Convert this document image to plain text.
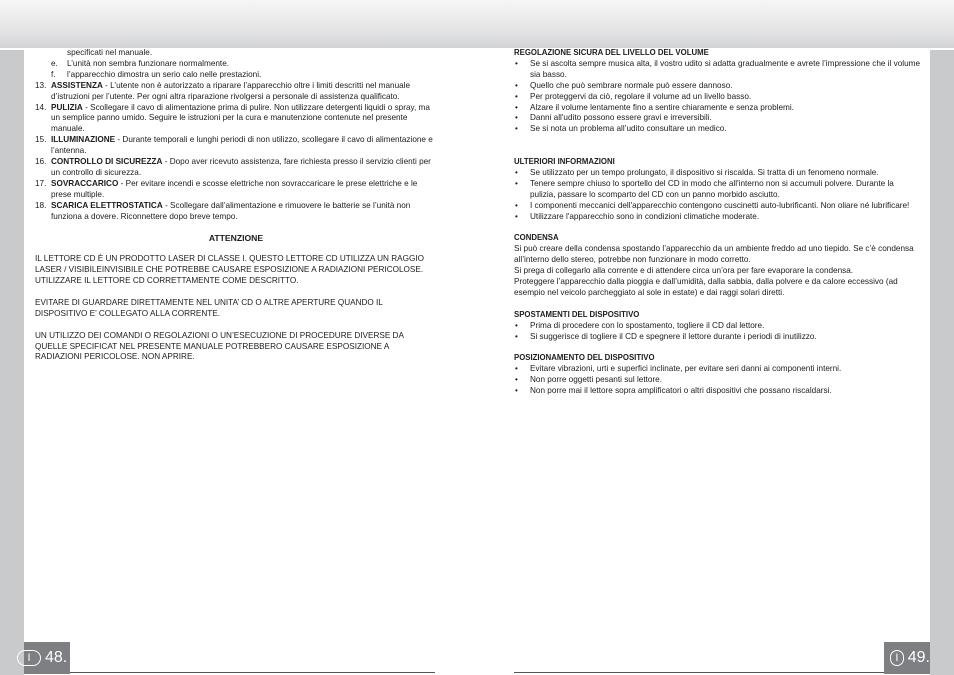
specificati nel manuale.
e. L’unità non sembra funzionare normalmente.
f. l’apparecchio dimostra un serio calo nelle prestazioni.
13. ASSISTENZA - L’utente non è autorizzato a riparare l’apparecchio oltre i limiti descritti nel manuale d’istruzioni per l’utente. Per ogni altra riparazione rivolgersi a personale di assistenza qualificato.
14. PULIZIA - Scollegare il cavo di alimentazione prima di pulire. Non utilizzare detergenti liquidi o spray, ma un semplice panno umido. Seguire le istruzioni per la cura e manutenzione contenute nel presente manuale.
15. ILLUMINAZIONE - Durante temporali e lunghi periodi di non utilizzo, scollegare il cavo di alimentazione e l’antenna.
16. CONTROLLO DI SICUREZZA - Dopo aver ricevuto assistenza, fare richiesta presso il servizio clienti per un controllo di sicurezza.
17. SOVRACCARICO - Per evitare incendi e scosse elettriche non sovraccaricare le prese elettriche e le prese multiple.
18. SCARICA ELETTROSTATICA - Scollegare dall’alimentazione e rimuovere le batterie se l’unità non funziona a dovere. Riconnettere dopo breve tempo.
ATTENZIONE

IL LETTORE CD È UN PRODOTTO LASER DI CLASSE I. QUESTO LETTORE CD UTILIZZA UN RAGGIO LASER / VISIBILEINVISIBILE CHE POTREBBE CAUSARE ESPOSIZIONE A RADIAZIONI PERICOLOSE. UTILIZZARE IL LETTORE CD CORRETTAMENTE COME DESCRITTO.

EVITARE DI GUARDARE DIRETTAMENTE NEL UNITA’ CD O ALTRE APERTURE QUANDO IL DISPOSITIVO E’ COLLEGATO ALLA CORRENTE.

UN UTILIZZO DEI COMANDI O REGOLAZIONI O UN’ESECUZIONE DI PROCEDURE DIVERSE DA QUELLE SPECIFICAT NEL PRESENTE MANUALE POTREBBERO CAUSARE ESPOSIZIONE A RADIAZIONI PERICOLOSE. NON APRIRE.

REGOLAZIONE SICURA DEL LIVELLO DEL VOLUME
• Se si ascolta sempre musica alta, il vostro udito si adatta gradualmente e avrete l’impressione che il volume sia basso.
• Quello che può sembrare normale può essere dannoso.
• Per proteggervi da ciò, regolare il volume ad un livello basso.
• Alzare il volume lentamente fino a sentire chiaramente e senza problemi.
• Danni all'udito possono essere gravi e irreversibili.
• Se si nota un problema all’udito consultare un medico.
ULTERIORI INFORMAZIONI
• Se utilizzato per un tempo prolungato, il dispositivo si riscalda. Si tratta di un fenomeno normale.
• Tenere sempre chiuso lo sportello del CD in modo che all'interno non si accumuli polvere. Durante la pulizia, passare lo scomparto del CD con un panno morbido asciutto.
• I componenti meccanici dell'apparecchio contengono cuscinetti auto-lubrificanti. Non oliare né lubrificare!
• Utilizzare l'apparecchio sono in condizioni climatiche moderate.
CONDENSA

Si può creare della condensa spostando l’apparecchio da un ambiente freddo ad uno tiepido. Se c’è condensa all’interno dello stereo, potrebbe non funzionare in modo corretto.

Si prega di collegarlo alla corrente e di attendere circa un’ora per fare evaporare la condensa.

Proteggere l’apparecchio dalla pioggia e dall’umidità, dalla sabbia, dalla polvere e da calore eccessivo (ad esempio nel veicolo parcheggiato al sole in estate) e dai raggi solari diretti.

SPOSTAMENTI DEL DISPOSITIVO
• Prima di procedere con lo spostamento, togliere il CD dal lettore.
• Si suggerisce di togliere il CD e spegnere il lettore durante i periodi di inutilizzo.
POSIZIONAMENTO DEL DISPOSITIVO
• Evitare vibrazioni, urti e superfici inclinate, per evitare seri danni ai componenti interni.
• Non porre oggetti pesanti sul lettore.
• Non porre mai il lettore sopra amplificatori o altri dispositivi che possano riscaldarsi.
I 48.	I 49.
